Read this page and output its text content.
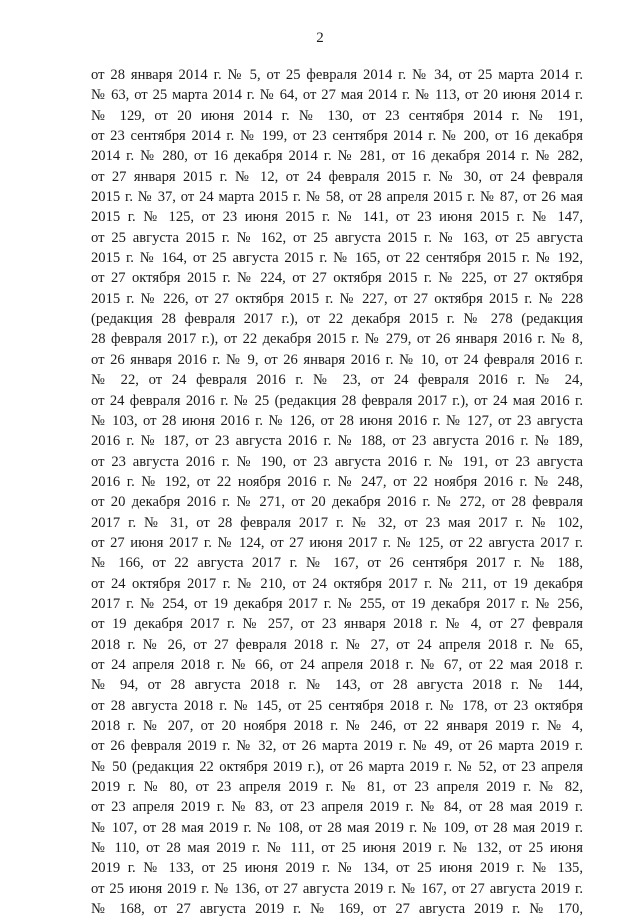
2
от 28 января 2014 г. № 5, от 25 февраля 2014 г. № 34, от 25 марта 2014 г.
№ 63, от 25 марта 2014 г. № 64, от 27 мая 2014 г. № 113, от 20 июня 2014 г.
№ 129, от 20 июня 2014 г. № 130, от 23 сентября 2014 г. № 191,
от 23 сентября 2014 г. № 199, от 23 сентября 2014 г. № 200, от 16 декабря
2014 г. № 280, от 16 декабря 2014 г. № 281, от 16 декабря 2014 г. № 282,
от 27 января 2015 г. № 12, от 24 февраля 2015 г. № 30, от 24 февраля
2015 г. № 37, от 24 марта 2015 г. № 58, от 28 апреля 2015 г. № 87, от 26 мая
2015 г. № 125, от 23 июня 2015 г. № 141, от 23 июня 2015 г. № 147,
от 25 августа 2015 г. № 162, от 25 августа 2015 г. № 163, от 25 августа
2015 г. № 164, от 25 августа 2015 г. № 165, от 22 сентября 2015 г. № 192,
от 27 октября 2015 г. № 224, от 27 октября 2015 г. № 225, от 27 октября
2015 г. № 226, от 27 октября 2015 г. № 227, от 27 октября 2015 г. № 228
(редакция 28 февраля 2017 г.), от 22 декабря 2015 г. № 278 (редакция
28 февраля 2017 г.), от 22 декабря 2015 г. № 279, от 26 января 2016 г. № 8,
от 26 января 2016 г. № 9, от 26 января 2016 г. № 10, от 24 февраля 2016 г.
№ 22, от 24 февраля 2016 г. № 23, от 24 февраля 2016 г. № 24,
от 24 февраля 2016 г. № 25 (редакция 28 февраля 2017 г.), от 24 мая 2016 г.
№ 103, от 28 июня 2016 г. № 126, от 28 июня 2016 г. № 127, от 23 августа
2016 г. № 187, от 23 августа 2016 г. № 188, от 23 августа 2016 г. № 189,
от 23 августа 2016 г. № 190, от 23 августа 2016 г. № 191, от 23 августа
2016 г. № 192, от 22 ноября 2016 г. № 247, от 22 ноября 2016 г. № 248,
от 20 декабря 2016 г. № 271, от 20 декабря 2016 г. № 272, от 28 февраля
2017 г. № 31, от 28 февраля 2017 г. № 32, от 23 мая 2017 г. № 102,
от 27 июня 2017 г. № 124, от 27 июня 2017 г. № 125, от 22 августа 2017 г.
№ 166, от 22 августа 2017 г. № 167, от 26 сентября 2017 г. № 188,
от 24 октября 2017 г. № 210, от 24 октября 2017 г. № 211, от 19 декабря
2017 г. № 254, от 19 декабря 2017 г. № 255, от 19 декабря 2017 г. № 256,
от 19 декабря 2017 г. № 257, от 23 января 2018 г. № 4, от 27 февраля
2018 г. № 26, от 27 февраля 2018 г. № 27, от 24 апреля 2018 г. № 65,
от 24 апреля 2018 г. № 66, от 24 апреля 2018 г. № 67, от 22 мая 2018 г.
№ 94, от 28 августа 2018 г. № 143, от 28 августа 2018 г. № 144,
от 28 августа 2018 г. № 145, от 25 сентября 2018 г. № 178, от 23 октября
2018 г. № 207, от 20 ноября 2018 г. № 246, от 22 января 2019 г. № 4,
от 26 февраля 2019 г. № 32, от 26 марта 2019 г. № 49, от 26 марта 2019 г.
№ 50 (редакция 22 октября 2019 г.), от 26 марта 2019 г. № 52, от 23 апреля
2019 г. № 80, от 23 апреля 2019 г. № 81, от 23 апреля 2019 г. № 82,
от 23 апреля 2019 г. № 83, от 23 апреля 2019 г. № 84, от 28 мая 2019 г.
№ 107, от 28 мая 2019 г. № 108, от 28 мая 2019 г. № 109, от 28 мая 2019 г.
№ 110, от 28 мая 2019 г. № 111, от 25 июня 2019 г. № 132, от 25 июня
2019 г. № 133, от 25 июня 2019 г. № 134, от 25 июня 2019 г. № 135,
от 25 июня 2019 г. № 136, от 27 августа 2019 г. № 167, от 27 августа 2019 г.
№ 168, от 27 августа 2019 г. № 169, от 27 августа 2019 г. № 170,
